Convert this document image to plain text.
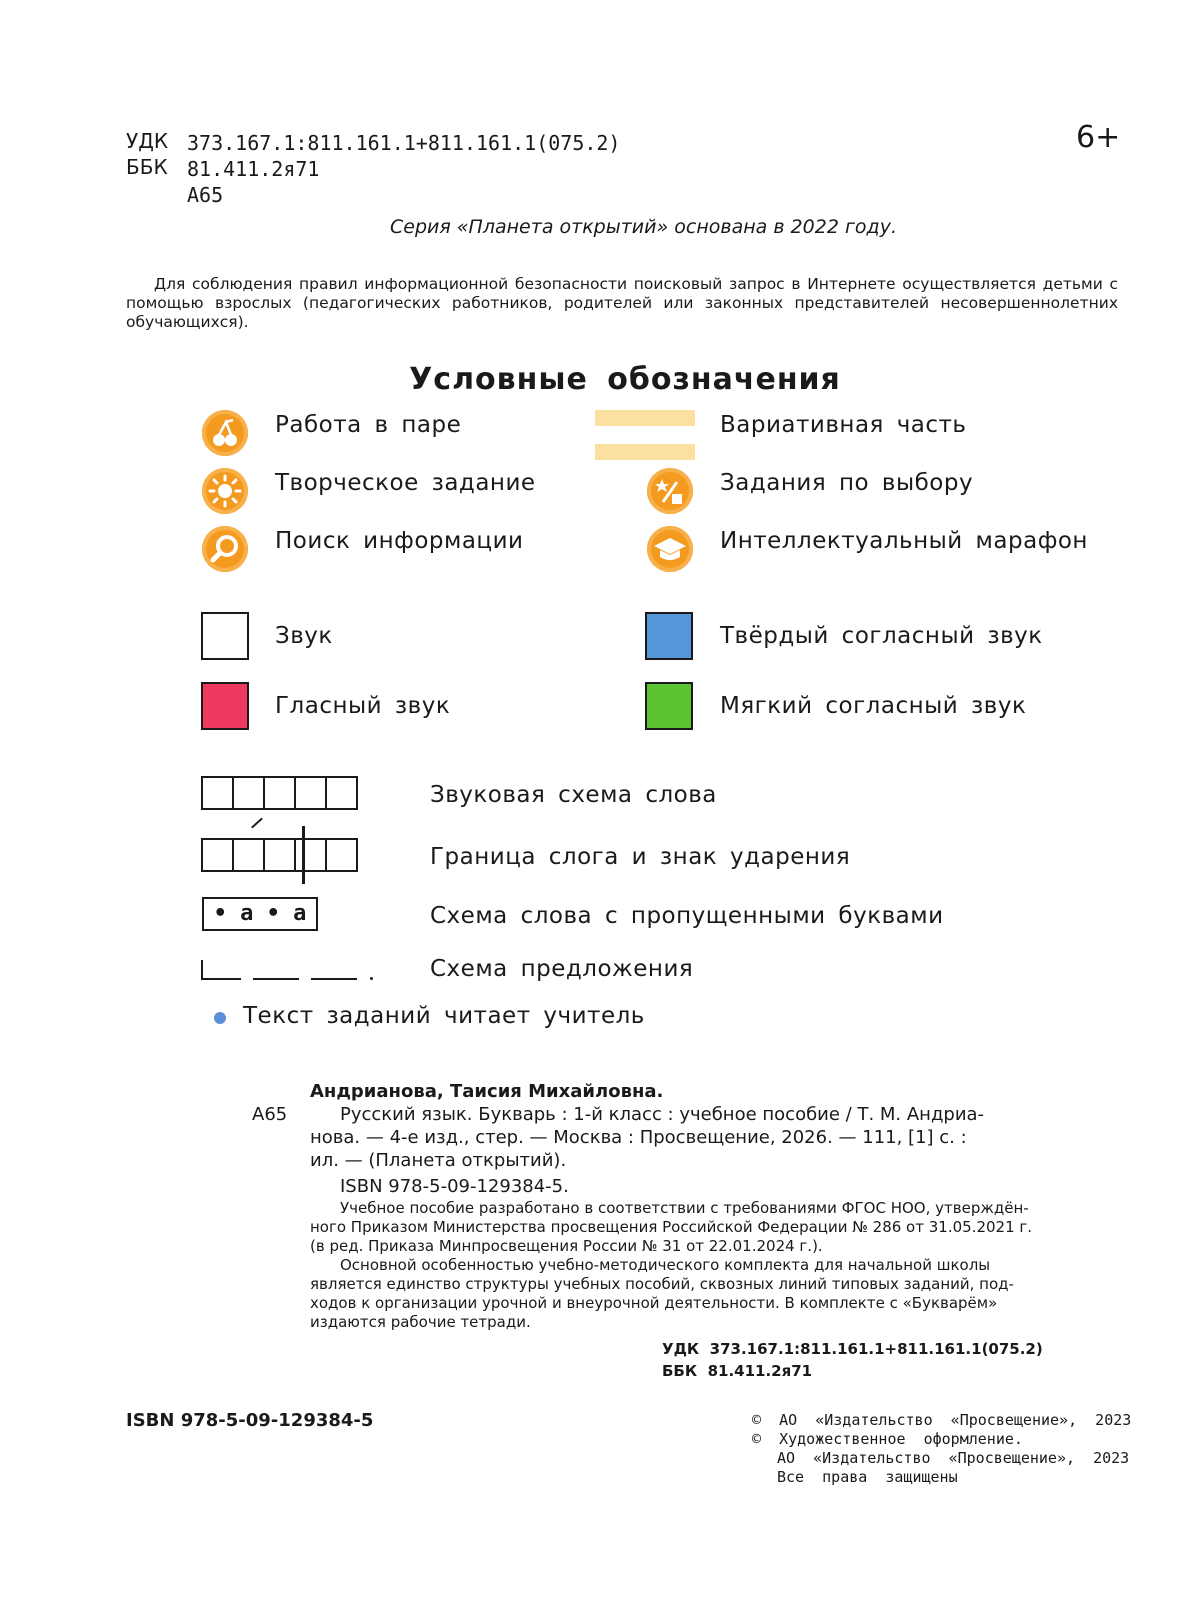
УДК 373.167.1:811.161.1+811.161.1(075.2)
ББК 81.411.2я71
А65
6+
Серия «Планета открытий» основана в 2022 году.
Для соблюдения правил информационной безопасности поисковый запрос в Интернете осуществляется детьми с помощью взрослых (педагогических работников, родителей или законных представителей несовершеннолетних обучающихся).
Условные обозначения
Работа в паре
Творческое задание
Поиск информации
Вариативная часть
Задания по выбору
Интеллектуальный марафон
Звук
Гласный звук
Твёрдый согласный звук
Мягкий согласный звук
Звуковая схема слова
Граница слога и знак ударения
• а • а	Схема слова с пропущенными буквами
Схема предложения
Текст заданий читает учитель
А65
Андрианова, Таисия Михайловна.
Русский язык. Букварь : 1-й класс : учебное пособие / Т. М. Андриа-
нова. — 4-е изд., стер. — Москва : Просвещение, 2026. — 111, [1] с. :
ил. — (Планета открытий).
ISBN 978-5-09-129384-5.
Учебное пособие разработано в соответствии с требованиями ФГОС НОО, утверждён-
ного Приказом Министерства просвещения Российской Федерации № 286 от 31.05.2021 г.
(в ред. Приказа Минпросвещения России № 31 от 22.01.2024 г.).
Основной особенностью учебно-методического комплекта для начальной школы
является единство структуры учебных пособий, сквозных линий типовых заданий, под-
ходов к организации урочной и внеурочной деятельности. В комплекте с «Букварём»
издаются рабочие тетради.
УДК  373.167.1:811.161.1+811.161.1(075.2)
ББК  81.411.2я71
ISBN 978-5-09-129384-5	©  АО  «Издательство  «Просвещение»,  2023
©  Художественное  оформление.
АО  «Издательство  «Просвещение»,  2023
Все  права  защищены
